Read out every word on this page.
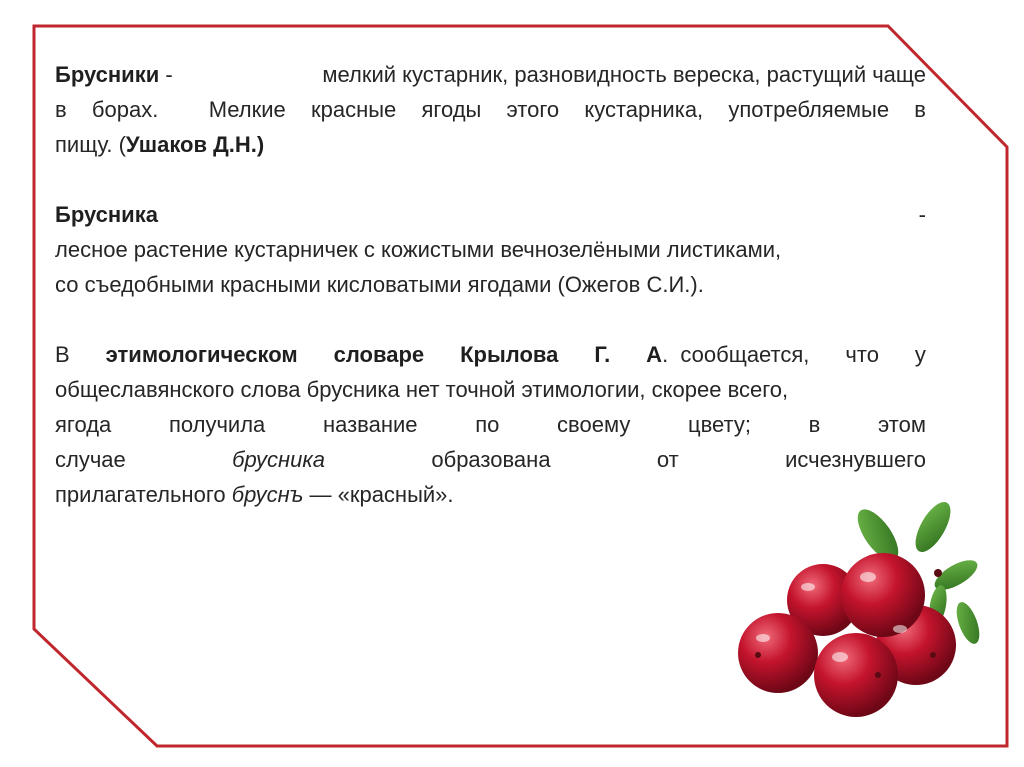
Брусники -	мелкий кустарник, разновидность вереска, растущий чаще
в борах.  Мелкие красные ягоды этого кустарника, употребляемые в
пищу. (Ушаков Д.Н.)
Брусника	-
лесное растение кустарничек с кожистыми вечнозелёными листиками,
со съедобными красными кисловатыми ягодами (Ожегов С.И.).
В этимологическом словаре Крылова Г. А.  сообщается, что у
общеславянского слова брусника нет точной этимологии, скорее всего,
ягода	получила	название	по	своему	цвету;	в	этом
случае	брусника	образована	от	исчезнувшего
прилагательного бруснъ — «красный».
